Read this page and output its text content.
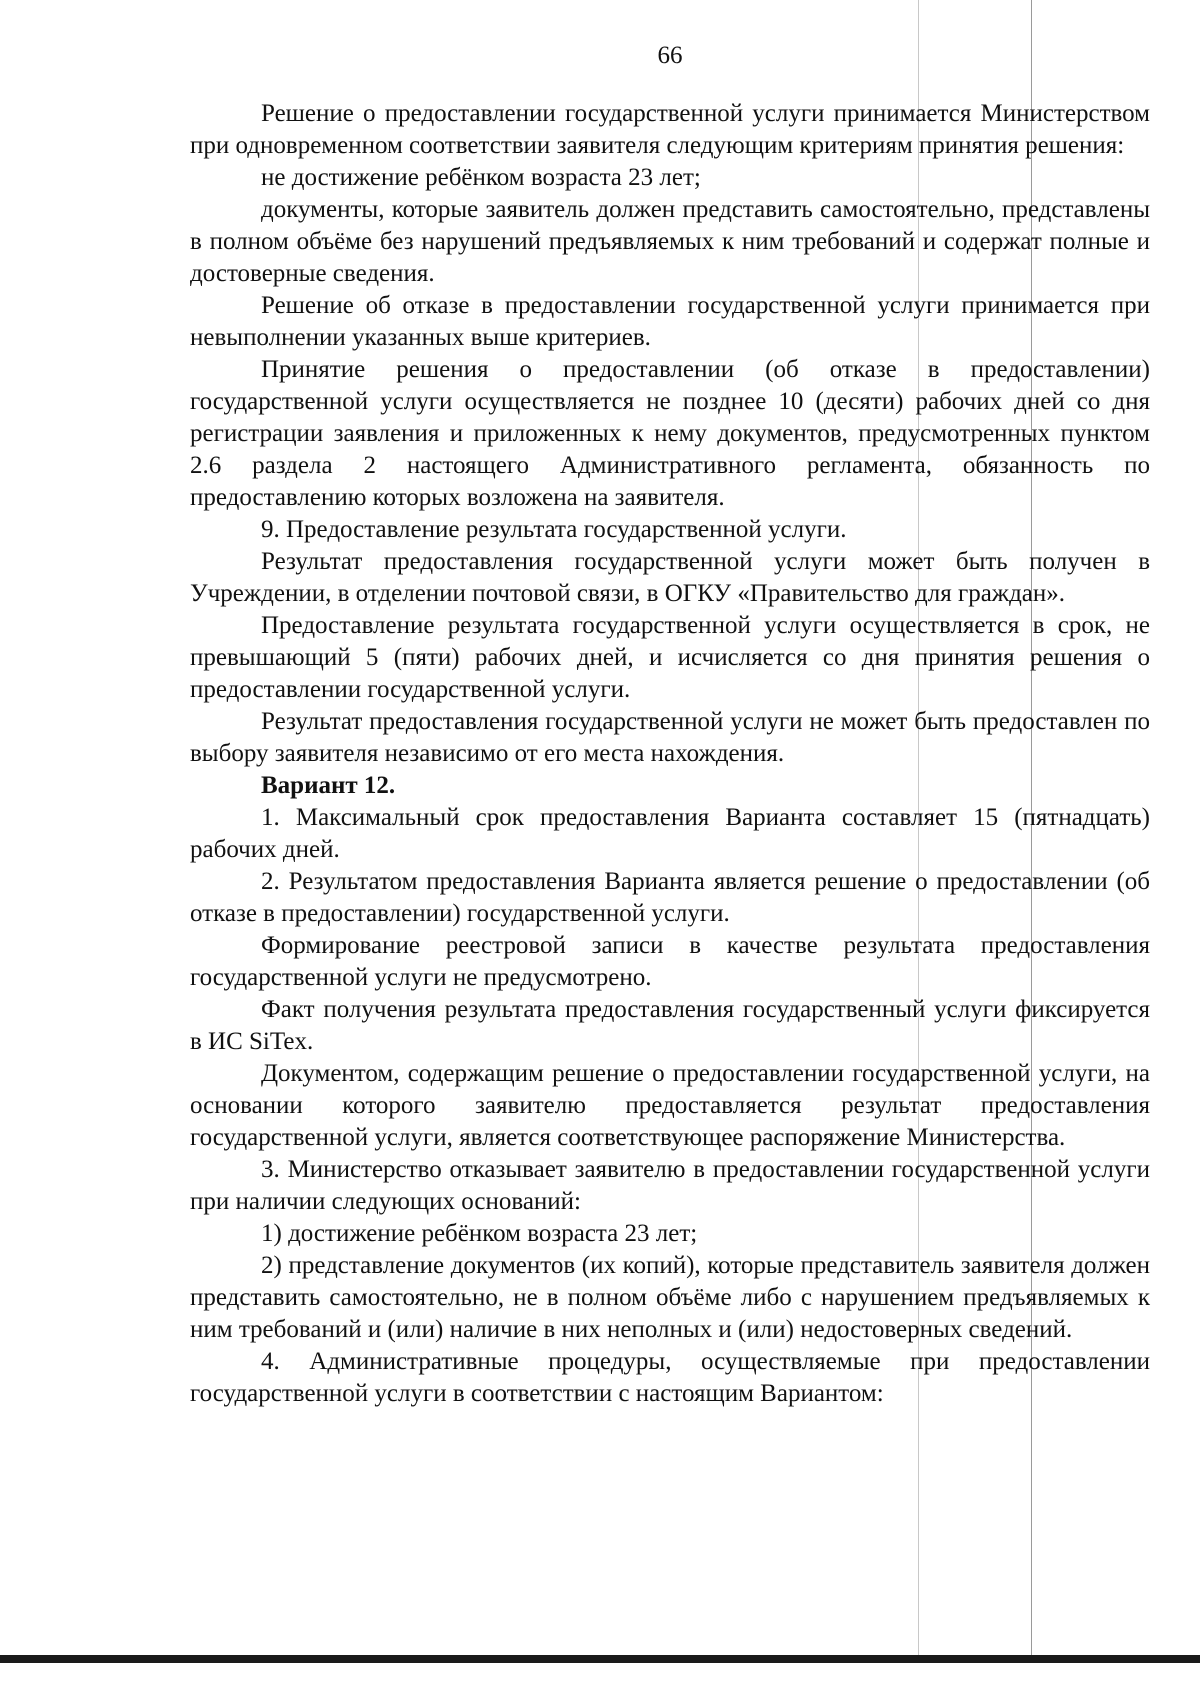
66

Решение о предоставлении государственной услуги принимается Министерством при одновременном соответствии заявителя следующим критериям принятия решения:

не достижение ребёнком возраста 23 лет;

документы, которые заявитель должен представить самостоятельно, представлены в полном объёме без нарушений предъявляемых к ним требований и содержат полные и достоверные сведения.

Решение об отказе в предоставлении государственной услуги принимается при невыполнении указанных выше критериев.

Принятие решения о предоставлении (об отказе в предоставлении) государственной услуги осуществляется не позднее 10 (десяти) рабочих дней со дня регистрации заявления и приложенных к нему документов, предусмотренных пунктом 2.6 раздела 2 настоящего Административного регламента, обязанность по предоставлению которых возложена на заявителя.

9. Предоставление результата государственной услуги.

Результат предоставления государственной услуги может быть получен в Учреждении, в отделении почтовой связи, в ОГКУ «Правительство для граждан».

Предоставление результата государственной услуги осуществляется в срок, не превышающий 5 (пяти) рабочих дней, и исчисляется со дня принятия решения о предоставлении государственной услуги.

Результат предоставления государственной услуги не может быть предоставлен по выбору заявителя независимо от его места нахождения.

Вариант 12.

1. Максимальный срок предоставления Варианта составляет 15 (пятнадцать) рабочих дней.

2. Результатом предоставления Варианта является решение о предоставлении (об отказе в предоставлении) государственной услуги.

Формирование реестровой записи в качестве результата предоставления государственной услуги не предусмотрено.

Факт получения результата предоставления государственный услуги фиксируется в ИС SiTex.

Документом, содержащим решение о предоставлении государственной услуги, на основании которого заявителю предоставляется результат предоставления государственной услуги, является соответствующее распоряжение Министерства.

3. Министерство отказывает заявителю в предоставлении государственной услуги при наличии следующих оснований:

1) достижение ребёнком возраста 23 лет;

2) представление документов (их копий), которые представитель заявителя должен представить самостоятельно, не в полном объёме либо с нарушением предъявляемых к ним требований и (или) наличие в них неполных и (или) недостоверных сведений.

4. Административные процедуры, осуществляемые при предоставлении государственной услуги в соответствии с настоящим Вариантом:
